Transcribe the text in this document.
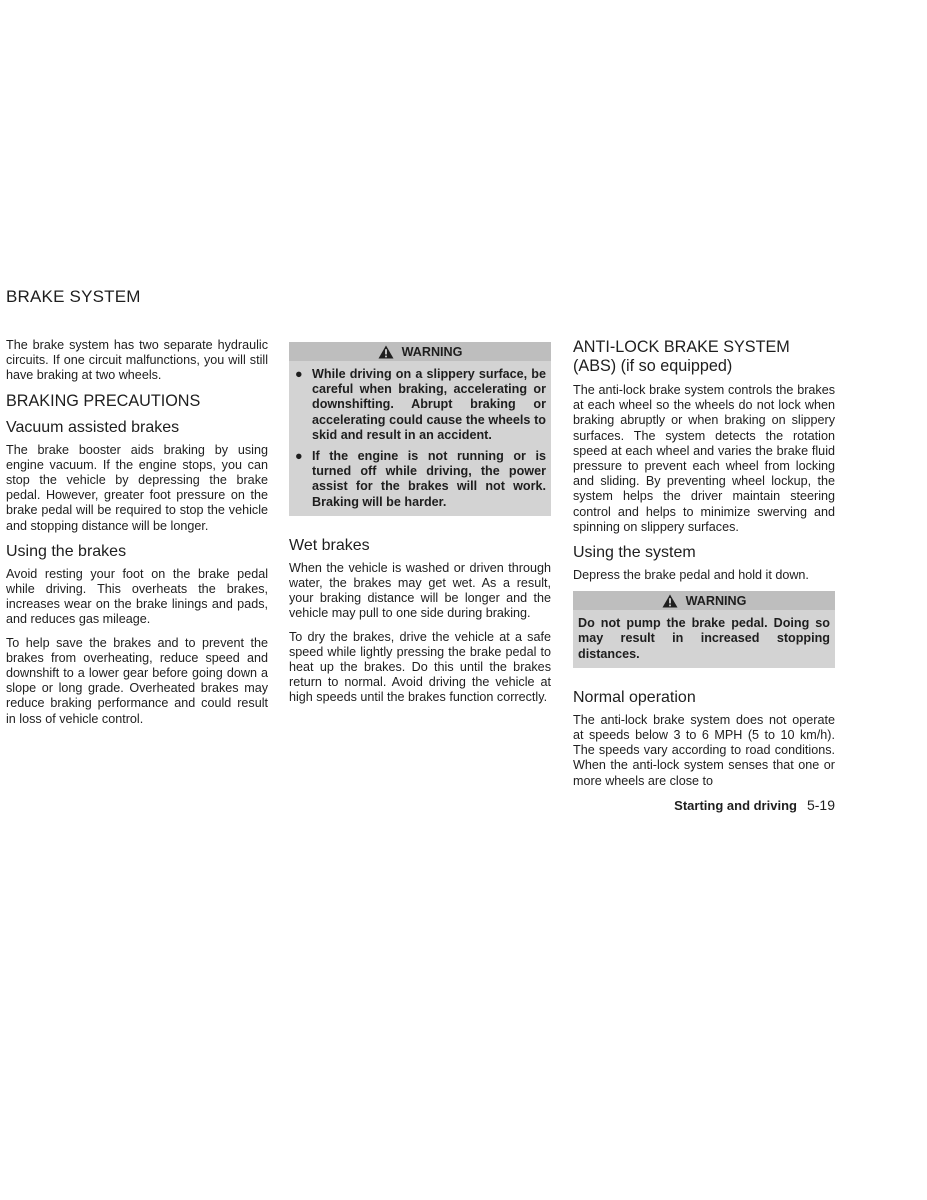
BRAKE SYSTEM

The brake system has two separate hydraulic circuits. If one circuit malfunctions, you will still have braking at two wheels.

BRAKING PRECAUTIONS
Vacuum assisted brakes

The brake booster aids braking by using engine vacuum. If the engine stops, you can stop the vehicle by depressing the brake pedal. However, greater foot pressure on the brake pedal will be required to stop the vehicle and stopping distance will be longer.

Using the brakes

Avoid resting your foot on the brake pedal while driving. This overheats the brakes, increases wear on the brake linings and pads, and reduces gas mileage.

To help save the brakes and to prevent the brakes from overheating, reduce speed and downshift to a lower gear before going down a slope or long grade. Overheated brakes may reduce braking performance and could result in loss of vehicle control.

WARNING
● While driving on a slippery surface, be careful when braking, accelerating or downshifting. Abrupt braking or accelerating could cause the wheels to skid and result in an accident.
● If the engine is not running or is turned off while driving, the power assist for the brakes will not work. Braking will be harder.
Wet brakes

When the vehicle is washed or driven through water, the brakes may get wet. As a result, your braking distance will be longer and the vehicle may pull to one side during braking.

To dry the brakes, drive the vehicle at a safe speed while lightly pressing the brake pedal to heat up the brakes. Do this until the brakes return to normal. Avoid driving the vehicle at high speeds until the brakes function correctly.

ANTI-LOCK BRAKE SYSTEM
(ABS) (if so equipped)

The anti-lock brake system controls the brakes at each wheel so the wheels do not lock when braking abruptly or when braking on slippery surfaces. The system detects the rotation speed at each wheel and varies the brake fluid pressure to prevent each wheel from locking and sliding. By preventing wheel lockup, the system helps the driver maintain steering control and helps to minimize swerving and spinning on slippery surfaces.

Using the system

Depress the brake pedal and hold it down.

WARNING
Do not pump the brake pedal. Doing so may result in increased stopping distances.
Normal operation

The anti-lock brake system does not operate at speeds below 3 to 6 MPH (5 to 10 km/h). The speeds vary according to road conditions. When the anti-lock system senses that one or more wheels are close to

Starting and driving 5-19
